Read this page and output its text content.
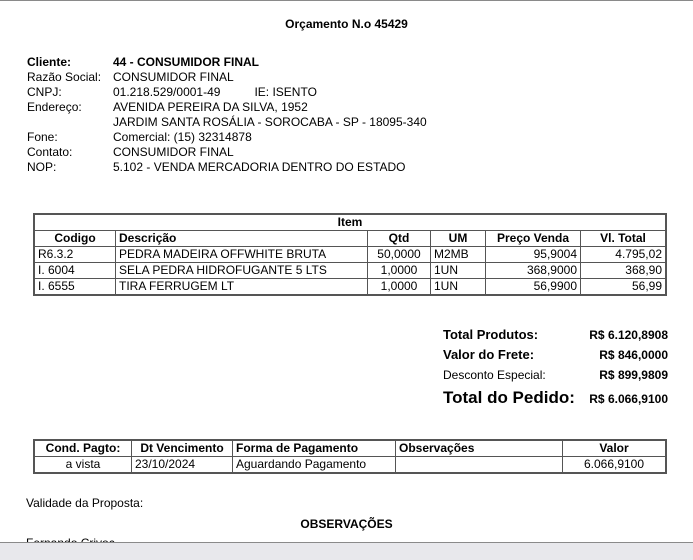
Orçamento N.o 45429
Cliente:	44 - CONSUMIDOR FINAL
Razão Social: CONSUMIDOR FINAL
CNPJ:	01.218.529/0001-49	IE: ISENTO
Endereço:	AVENIDA PEREIRA DA SILVA, 1952
JARDIM SANTA ROSÁLIA - SOROCABA - SP - 18095-340
Fone:	Comercial: (15) 32314878
Contato:	CONSUMIDOR FINAL
NOP:	5.102 - VENDA MERCADORIA DENTRO DO ESTADO
Item					
Codigo	Descrição	Qtd	UM	Preço Venda	Vl. Total
R6.3.2	PEDRA MADEIRA OFFWHITE BRUTA	50,0000	M2MB	95,9004	4.795,02
I. 6004	SELA PEDRA HIDROFUGANTE 5 LTS	1,0000	1UN	368,9000	368,90
I. 6555	TIRA FERRUGEM LT	1,0000	1UN	56,9900	56,99
Total Produtos:	R$ 6.120,8908
Valor do Frete:	R$ 846,0000
Desconto Especial:	R$ 899,9809
Total do Pedido: R$ 6.066,9100
Cond. Pagto:	Dt Vencimento	Forma de Pagamento	Observações	Valor
a vista	23/10/2024	Aguardando Pagamento		6.066,9100
Validade da Proposta:
OBSERVAÇÕES
